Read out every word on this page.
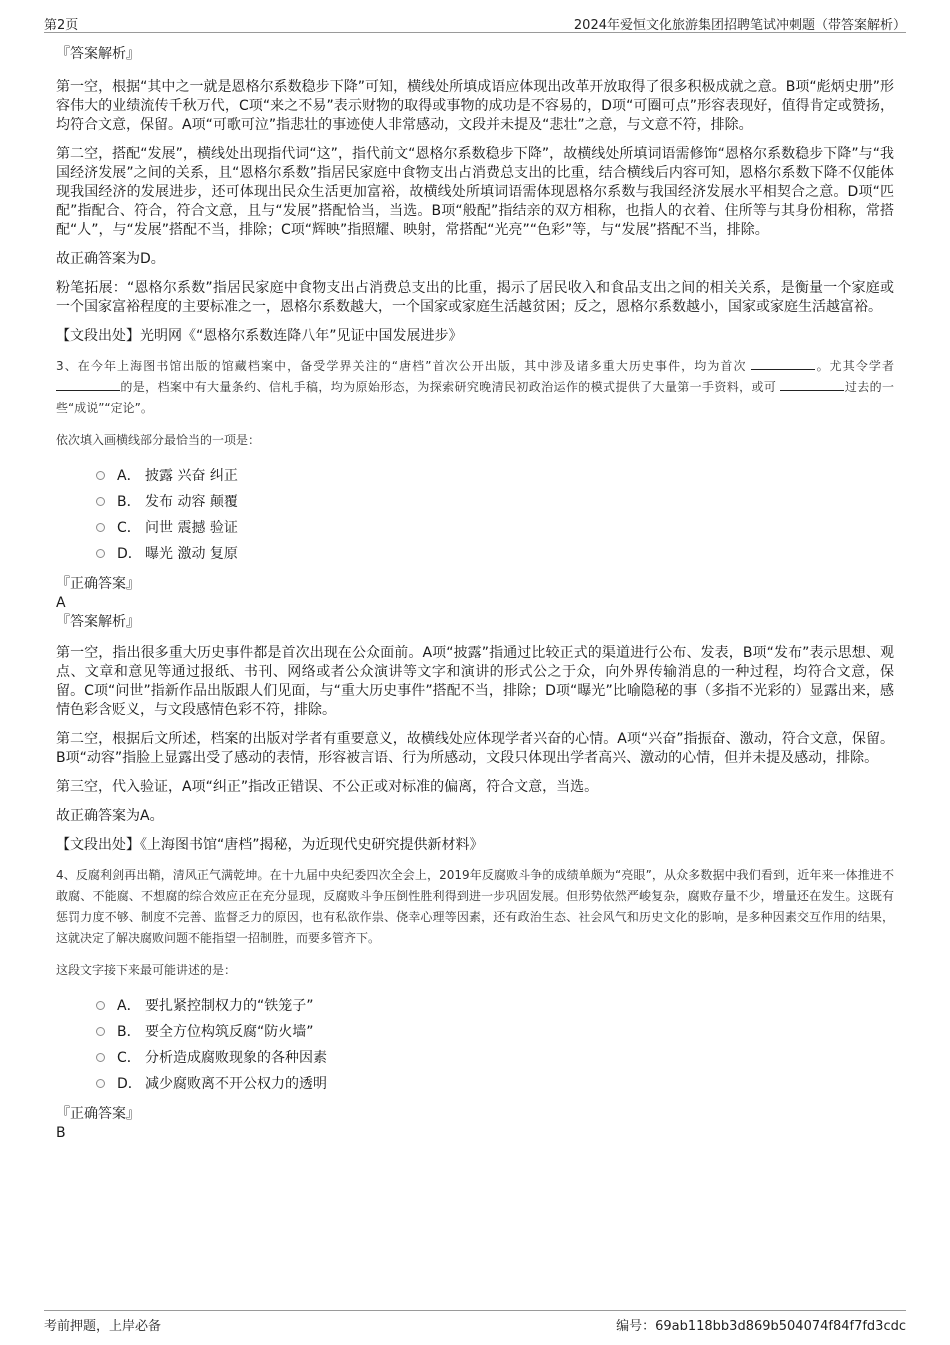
第2页	2024年爱恒文化旅游集团招聘笔试冲刺题（带答案解析）

『答案解析』

第一空，根据“其中之一就是恩格尔系数稳步下降”可知，横线处所填成语应体现出改革开放取得了很多积极成就之意。B项“彪炳史册”形容伟大的业绩流传千秋万代，C项“来之不易”表示财物的取得或事物的成功是不容易的，D项“可圈可点”形容表现好，值得肯定或赞扬，均符合文意，保留。A项“可歌可泣”指悲壮的事迹使人非常感动，文段并未提及“悲壮”之意，与文意不符，排除。

第二空，搭配“发展”，横线处出现指代词“这”，指代前文“恩格尔系数稳步下降”，故横线处所填词语需修饰“恩格尔系数稳步下降”与“我国经济发展”之间的关系，且“恩格尔系数”指居民家庭中食物支出占消费总支出的比重，结合横线后内容可知，恩格尔系数下降不仅能体现我国经济的发展进步，还可体现出民众生活更加富裕，故横线处所填词语需体现恩格尔系数与我国经济发展水平相契合之意。D项“匹配”指配合、符合，符合文意，且与“发展”搭配恰当，当选。B项“般配”指结亲的双方相称，也指人的衣着、住所等与其身份相称，常搭配“人”，与“发展”搭配不当，排除；C项“辉映”指照耀、映射，常搭配“光亮”“色彩”等，与“发展”搭配不当，排除。

故正确答案为D。

粉笔拓展：“恩格尔系数”指居民家庭中食物支出占消费总支出的比重，揭示了居民收入和食品支出之间的相关关系，是衡量一个家庭或一个国家富裕程度的主要标准之一，恩格尔系数越大，一个国家或家庭生活越贫困；反之，恩格尔系数越小，国家或家庭生活越富裕。

【文段出处】光明网《“恩格尔系数连降八年”见证中国发展进步》

3、在今年上海图书馆出版的馆藏档案中，备受学界关注的“唐档”首次公开出版，其中涉及诸多重大历史事件，均为首次	。尤其令学者 的是，档案中有大量条约、信札手稿，均为原始形态，为探索研究晚清民初政治运作的模式提供了大量第一手资料，或可	过去的一些“成说”“定论”。

依次填入画横线部分最恰当的一项是：

A． 披露 兴奋 纠正
B． 发布 动容 颠覆
C． 问世 震撼 验证
D． 曝光 激动 复原

『正确答案』

A

『答案解析』

第一空，指出很多重大历史事件都是首次出现在公众面前。A项“披露”指通过比较正式的渠道进行公布、发表，B项“发布”表示思想、观点、文章和意见等通过报纸、书刊、网络或者公众演讲等文字和演讲的形式公之于众，向外界传输消息的一种过程，均符合文意，保留。C项“问世”指新作品出版跟人们见面，与“重大历史事件”搭配不当，排除；D项“曝光”比喻隐秘的事（多指不光彩的）显露出来，感情色彩含贬义，与文段感情色彩不符，排除。

第二空，根据后文所述，档案的出版对学者有重要意义，故横线处应体现学者兴奋的心情。A项“兴奋”指振奋、激动，符合文意，保留。B项“动容”指脸上显露出受了感动的表情，形容被言语、行为所感动，文段只体现出学者高兴、激动的心情，但并未提及感动，排除。

第三空，代入验证，A项“纠正”指改正错误、不公正或对标准的偏离，符合文意，当选。

故正确答案为A。

【文段出处】《上海图书馆“唐档”揭秘，为近现代史研究提供新材料》

4、反腐利剑再出鞘，清风正气满乾坤。在十九届中央纪委四次全会上，2019年反腐败斗争的成绩单颇为“亮眼”，从众多数据中我们看到，近年来一体推进不敢腐、不能腐、不想腐的综合效应正在充分显现，反腐败斗争压倒性胜利得到进一步巩固发展。但形势依然严峻复杂，腐败存量不少，增量还在发生。这既有惩罚力度不够、制度不完善、监督乏力的原因，也有私欲作祟、侥幸心理等因素，还有政治生态、社会风气和历史文化的影响，是多种因素交互作用的结果，这就决定了解决腐败问题不能指望一招制胜，而要多管齐下。

这段文字接下来最可能讲述的是：

A． 要扎紧控制权力的“铁笼子”
B． 要全方位构筑反腐“防火墙”
C． 分析造成腐败现象的各种因素
D． 减少腐败离不开公权力的透明

『正确答案』

B

考前押题，上岸必备	编号：69ab118bb3d869b504074f84f7fd3cdc
